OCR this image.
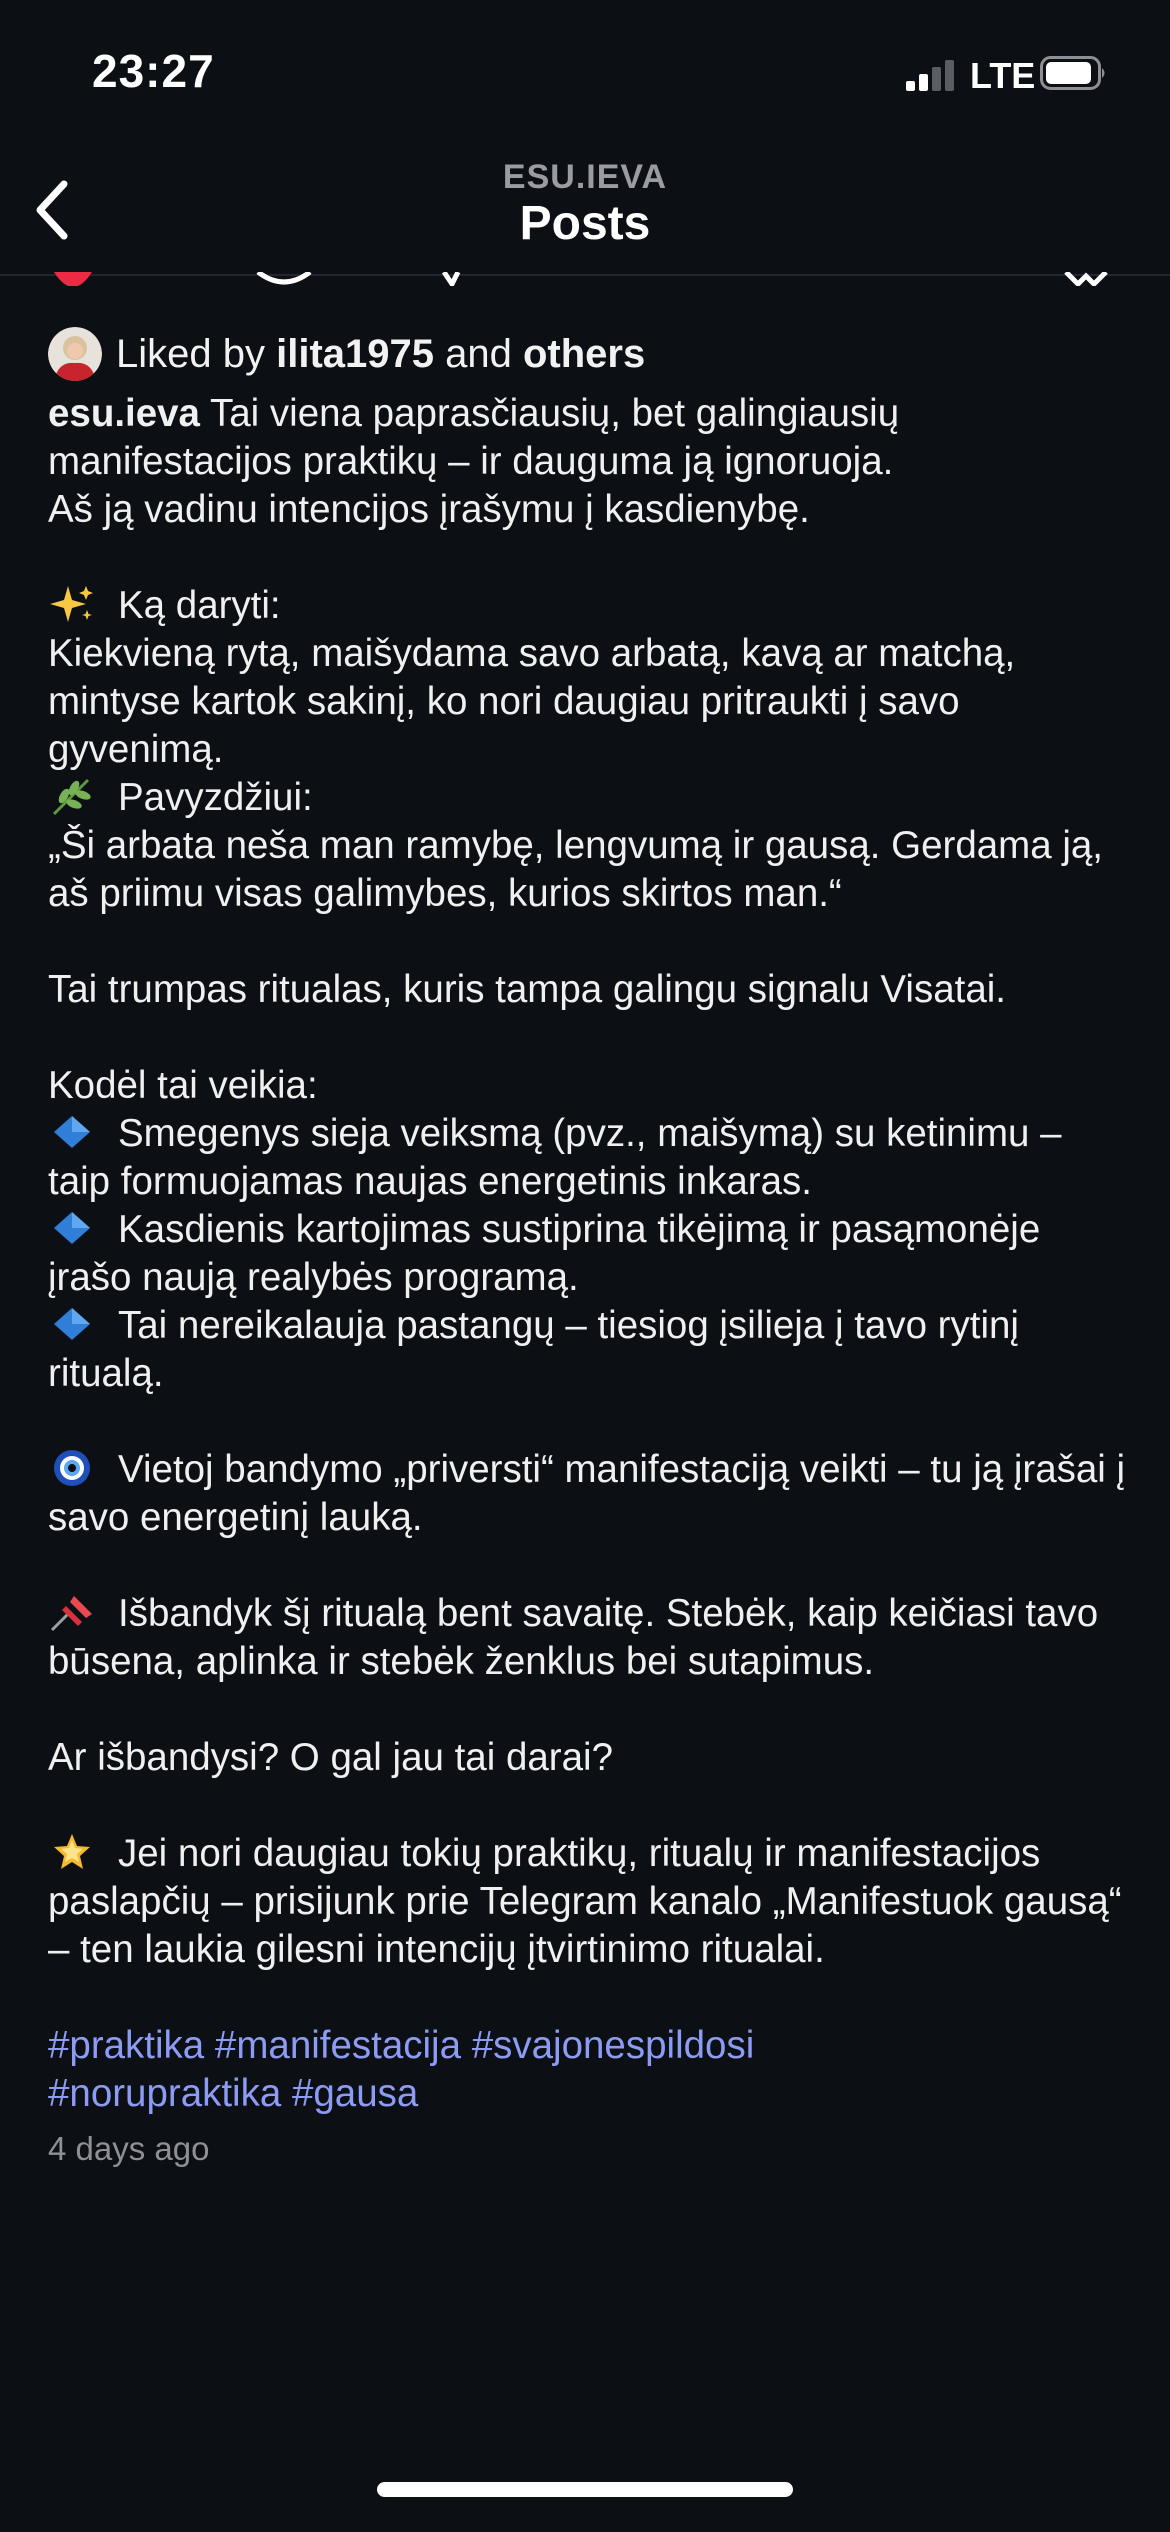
23:27	LTE
ESU.IEVA
Posts
Liked by ilita1975 and others

esu.ieva Tai viena paprasčiausių, bet galingiausių manifestacijos praktikų – ir dauguma ją ignoruoja.

Aš ją vadinu intencijos įrašymu į kasdienybę.

Ką daryti:

Kiekvieną rytą, maišydama savo arbatą, kavą ar matchą, mintyse kartok sakinį, ko nori daugiau pritraukti į savo gyvenimą.

Pavyzdžiui:

„Ši arbata neša man ramybę, lengvumą ir gausą. Gerdama ją, aš priimu visas galimybes, kurios skirtos man.“

Tai trumpas ritualas, kuris tampa galingu signalu Visatai.

Kodėl tai veikia:

Smegenys sieja veiksmą (pvz., maišymą) su ketinimu – taip formuojamas naujas energetinis inkaras.

Kasdienis kartojimas sustiprina tikėjimą ir pasąmonėje įrašo naują realybės programą.

Tai nereikalauja pastangų – tiesiog įsilieja į tavo rytinį ritualą.

Vietoj bandymo „priversti“ manifestaciją veikti – tu ją įrašai į savo energetinį lauką.

Išbandyk šį ritualą bent savaitę. Stebėk, kaip keičiasi tavo būsena, aplinka ir stebėk ženklus bei sutapimus.

Ar išbandysi? O gal jau tai darai?

Jei nori daugiau tokių praktikų, ritualų ir manifestacijos paslapčių – prisijunk prie Telegram kanalo „Manifestuok gausą“ – ten laukia gilesni intencijų įtvirtinimo ritualai.

#praktika #manifestacija #svajonespildosi
#norupraktika #gausa
4 days ago
